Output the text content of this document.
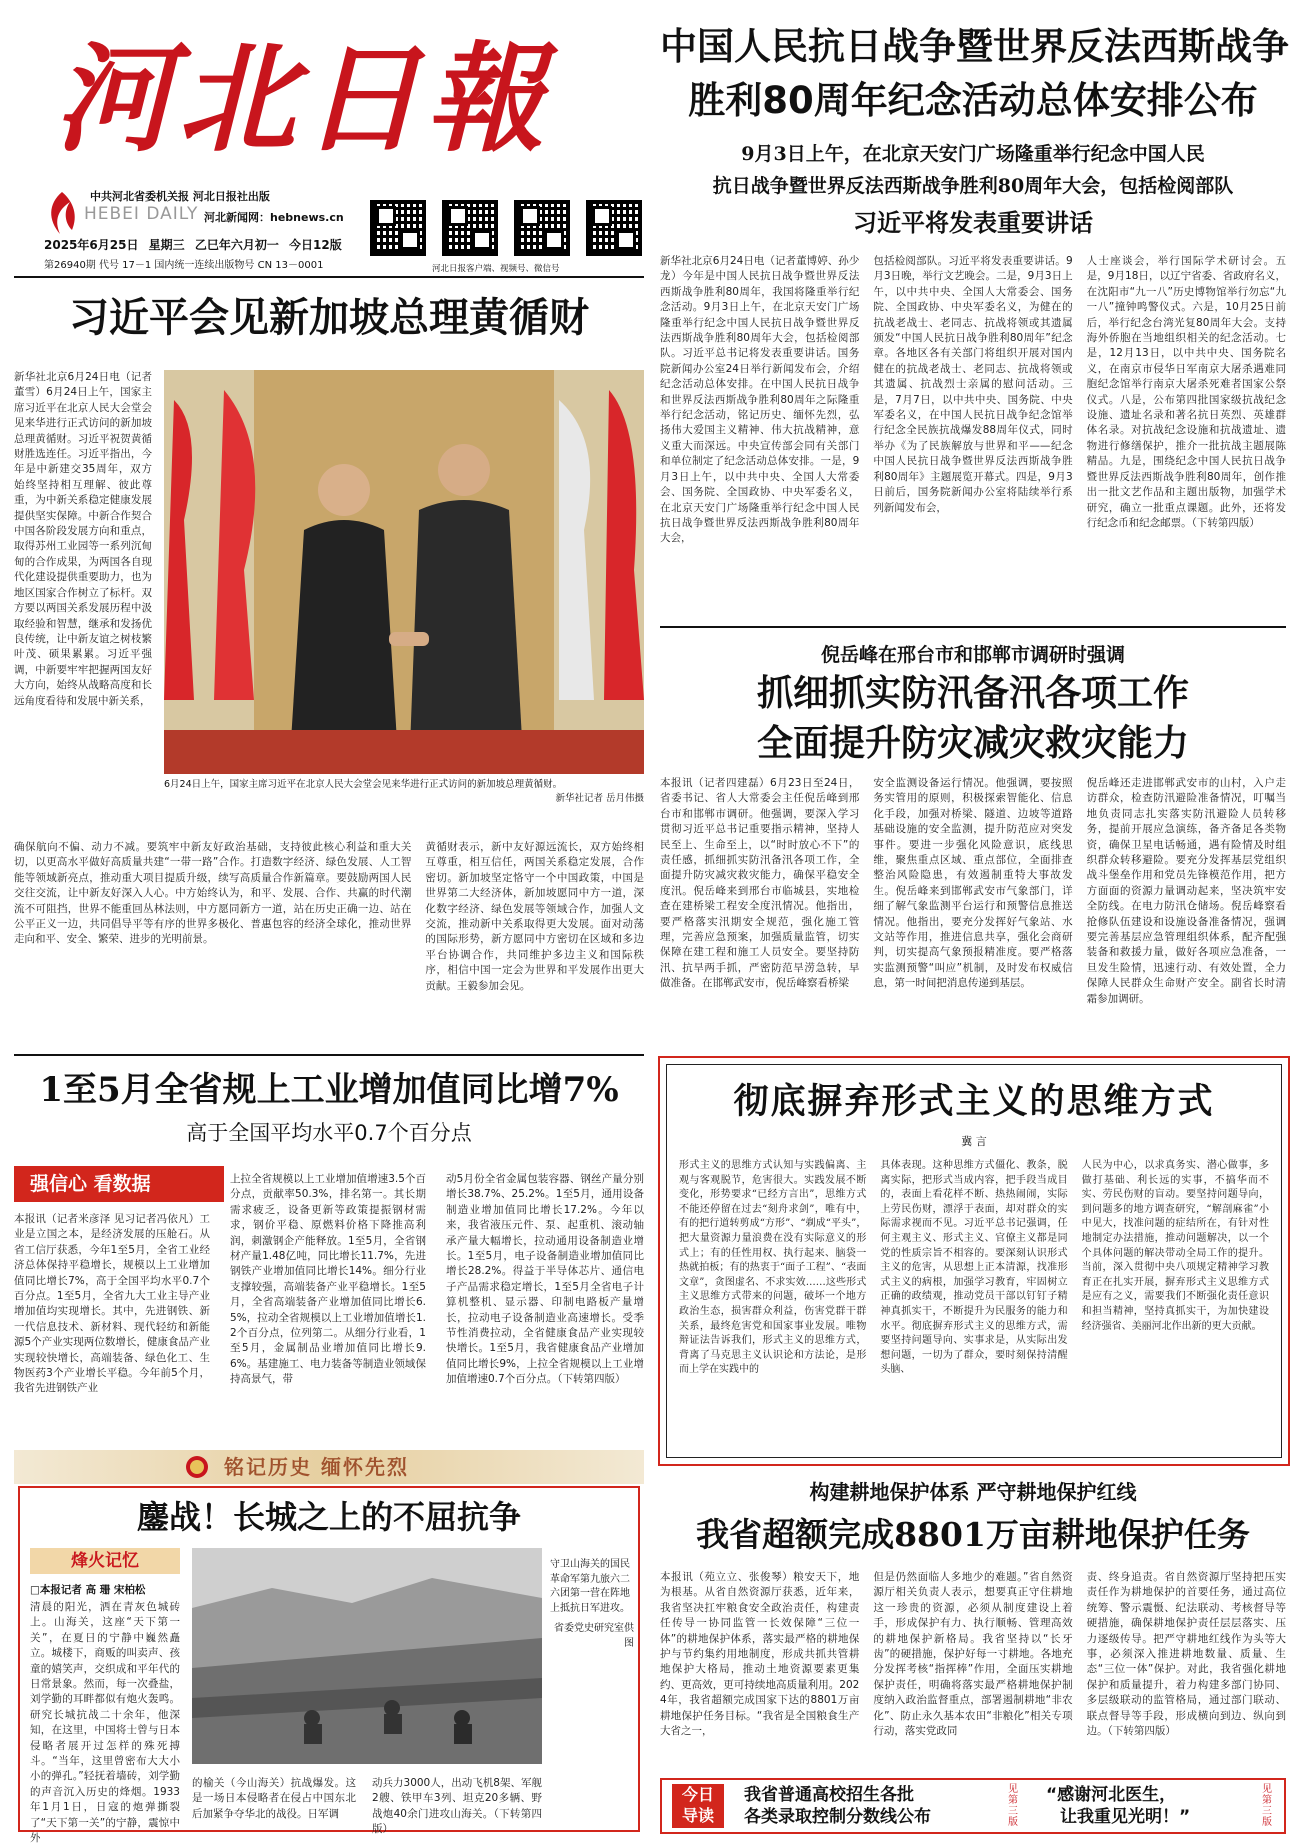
河北日報
中共河北省委机关报 河北日报社出版
HEBEI DAILY 河北新闻网：hebnews.cn
2025年6月25日 星期三 乙巳年六月初一 今日12版
第26940期 代号 17－1 国内统一连续出版物号 CN 13－0001	河北日报客户端、视频号、微信号
中国人民抗日战争暨世界反法西斯战争
胜利80周年纪念活动总体安排公布
9月3日上午，在北京天安门广场隆重举行纪念中国人民
抗日战争暨世界反法西斯战争胜利80周年大会，包括检阅部队
习近平将发表重要讲话
新华社北京6月24日电（记者董博婷、孙少龙）今年是中国人民抗日战争暨世界反法西斯战争胜利80周年，我国将隆重举行纪念活动。9月3日上午，在北京天安门广场隆重举行纪念中国人民抗日战争暨世界反法西斯战争胜利80周年大会，包括检阅部队。习近平总书记将发表重要讲话。国务院新闻办公室24日举行新闻发布会，介绍纪念活动总体安排。在中国人民抗日战争和世界反法西斯战争胜利80周年之际隆重举行纪念活动，铭记历史、缅怀先烈，弘扬伟大爱国主义精神、伟大抗战精神，意义重大而深远。中央宣传部会同有关部门和单位制定了纪念活动总体安排。一是，9月3日上午，以中共中央、全国人大常委会、国务院、全国政协、中央军委名义，在北京天安门广场隆重举行纪念中国人民抗日战争暨世界反法西斯战争胜利80周年大会，
包括检阅部队。习近平将发表重要讲话。9月3日晚，举行文艺晚会。二是，9月3日上午，以中共中央、全国人大常委会、国务院、全国政协、中央军委名义，为健在的抗战老战士、老同志、抗战将领或其遗属颁发“中国人民抗日战争胜利80周年”纪念章。各地区各有关部门将组织开展对国内健在的抗战老战士、老同志、抗战将领或其遗属、抗战烈士亲属的慰问活动。三是，7月7日，以中共中央、国务院、中央军委名义，在中国人民抗日战争纪念馆举行纪念全民族抗战爆发88周年仪式，同时举办《为了民族解放与世界和平——纪念中国人民抗日战争暨世界反法西斯战争胜利80周年》主题展览开幕式。四是，9月3日前后，国务院新闻办公室将陆续举行系列新闻发布会，
人士座谈会，举行国际学术研讨会。五是，9月18日，以辽宁省委、省政府名义，在沈阳市“九一八”历史博物馆举行勿忘“九一八”撞钟鸣警仪式。六是，10月25日前后，举行纪念台湾光复80周年大会。支持海外侨胞在当地组织相关的纪念活动。七是，12月13日，以中共中央、国务院名义，在南京市侵华日军南京大屠杀遇难同胞纪念馆举行南京大屠杀死难者国家公祭仪式。八是，公布第四批国家级抗战纪念设施、遗址名录和著名抗日英烈、英雄群体名录。对抗战纪念设施和抗战遗址、遗物进行修缮保护，推介一批抗战主题展陈精品。九是，围绕纪念中国人民抗日战争暨世界反法西斯战争胜利80周年，创作推出一批文艺作品和主题出版物，加强学术研究，确立一批重点课题。此外，还将发行纪念币和纪念邮票。（下转第四版）
习近平会见新加坡总理黄循财
新华社北京6月24日电（记者董雪）6月24日上午，国家主席习近平在北京人民大会堂会见来华进行正式访问的新加坡总理黄循财。习近平祝贺黄循财胜选连任。习近平指出，今年是中新建交35周年，双方始终坚持相互理解、彼此尊重，为中新关系稳定健康发展提供坚实保障。中新合作契合中国各阶段发展方向和重点，取得苏州工业园等一系列沉甸甸的合作成果，为两国各自现代化建设提供重要助力，也为地区国家合作树立了标杆。双方要以两国关系发展历程中汲取经验和智慧，继承和发扬优良传统，让中新友谊之树枝繁叶茂、硕果累累。习近平强调，中新要牢牢把握两国友好大方向，始终从战略高度和长远角度看待和发展中新关系，
6月24日上午，国家主席习近平在北京人民大会堂会见来华进行正式访问的新加坡总理黄循财。
新华社记者 岳月伟摄
确保航向不偏、动力不减。要筑牢中新友好政治基础，支持彼此核心利益和重大关切，以更高水平做好高质量共建“一带一路”合作。打造数字经济、绿色发展、人工智能等领域新亮点，推动重大项目提质升级，续写高质量合作新篇章。要鼓励两国人民交往交流，让中新友好深入人心。中方始终认为，和平、发展、合作、共赢的时代潮流不可阻挡，世界不能重回丛林法则，中方愿同新方一道，站在历史正确一边、站在公平正义一边，共同倡导平等有序的世界多极化、普惠包容的经济全球化，推动世界走向和平、安全、繁荣、进步的光明前景。
黄循财表示，新中友好源远流长，双方始终相互尊重，相互信任，两国关系稳定发展，合作密切。新加坡坚定恪守一个中国政策，中国是世界第二大经济体，新加坡愿同中方一道，深化数字经济、绿色发展等领域合作，加强人文交流，推动新中关系取得更大发展。面对动荡的国际形势，新方愿同中方密切在区域和多边平台协调合作，共同维护多边主义和国际秩序，相信中国一定会为世界和平发展作出更大贡献。王毅参加会见。
倪岳峰在邢台市和邯郸市调研时强调
抓细抓实防汛备汛各项工作
全面提升防灾减灾救灾能力
本报讯（记者四建磊）6月23日至24日，省委书记、省人大常委会主任倪岳峰到邢台市和邯郸市调研。他强调，要深入学习贯彻习近平总书记重要指示精神，坚持人民至上、生命至上，以“时时放心不下”的责任感，抓细抓实防汛备汛各项工作，全面提升防灾减灾救灾能力，确保平稳安全度汛。倪岳峰来到邢台市临城县，实地检查在建桥梁工程安全度汛情况。他指出，要严格落实汛期安全规范，强化施工管理，完善应急预案，加强质量监管，切实保障在建工程和施工人员安全。要坚持防汛、抗旱两手抓，严密防范旱涝急转，早做准备。在邯郸武安市，倪岳峰察看桥梁
安全监测设备运行情况。他强调，要按照务实管用的原则，积极探索智能化、信息化手段，加强对桥梁、隧道、边坡等道路基础设施的安全监测，提升防范应对突发事件。要进一步强化风险意识，底线思维，聚焦重点区域、重点部位，全面排查整治风险隐患，有效遏制重特大事故发生。倪岳峰来到邯郸武安市气象部门，详细了解气象监测平台运行和预警信息推送情况。他指出，要充分发挥好气象站、水文站等作用，推进信息共享，强化会商研判，切实提高气象预报精准度。要严格落实监测预警“叫应”机制，及时发布权威信息，第一时间把消息传递到基层。
倪岳峰还走进邯郸武安市的山村，入户走访群众，检查防汛避险准备情况，叮嘱当地负责同志扎实落实防汛避险人员转移务，提前开展应急演练，备齐备足各类物资，确保卫星电话畅通，遇有险情及时组织群众转移避险。要充分发挥基层党组织战斗堡垒作用和党员先锋模范作用，把方方面面的资源力量调动起来，坚决筑牢安全防线。在电力防汛仓储场。倪岳峰察看抢修队伍建设和设施设备准备情况，强调要完善基层应急管理组织体系，配齐配强装备和救援力量，做好各项应急准备，一旦发生险情，迅速行动、有效处置，全力保障人民群众生命财产安全。副省长时清霜参加调研。
彻底摒弃形式主义的思维方式
冀 言
形式主义的思维方式认知与实践偏离、主观与客观脱节，危害很大。实践发展不断变化，形势要求“已经方言出”，思维方式不能还停留在过去“刻舟求剑”，唯有中，有的把行道转剪成“方形”、“剃成“平头”，把大量资源力量浪费在没有实际意义的形式上；有的任性用权、执行起来、脑袋一热就拍板；有的热衷于“面子工程”、“表面文章”，贪图虚名、不求实效……这些形式主义思维方式带来的问题，破坏一个地方政治生态，损害群众利益，伤害党群干群关系，最终危害党和国家事业发展。唯物辩证法告诉我们，形式主义的思维方式，背离了马克思主义认识论和方法论，是形而上学在实践中的
具体表现。这种思维方式僵化、教条，脱离实际，把形式当成内容，把手段当成目的，表面上看花样不断、热热闹闹，实际上劳民伤财，漂浮于表面，却对群众的实际需求视而不见。习近平总书记强调，任何主观主义、形式主义、官僚主义都是同党的性质宗旨不相容的。要深刻认识形式主义的危害，从思想上正本清源，找准形式主义的病根，加强学习教育，牢固树立正确的政绩观，推动党员干部以钉钉子精神真抓实干，不断提升为民服务的能力和水平。彻底摒弃形式主义的思维方式，需要坚持问题导向、实事求是，从实际出发想问题，一切为了群众，要时刻保持清醒头脑、
人民为中心，以求真务实、潜心做事，多做打基础、利长远的实事，不搞华而不实、劳民伤财的盲动。要坚持问题导向，到问题多的地方调查研究，“解剖麻雀”小中见大，找准问题的症结所在，有针对性地制定办法措施，推动问题解决，以一个个具体问题的解决带动全局工作的提升。当前，深入贯彻中央八项规定精神学习教育正在扎实开展，摒弃形式主义思维方式是应有之义，需要我们不断强化责任意识和担当精神，坚持真抓实干，为加快建设经济强省、美丽河北作出新的更大贡献。
1至5月全省规上工业增加值同比增7%
高于全国平均水平0.7个百分点
强信心 看数据
本报讯（记者米彦泽 见习记者冯依凡）工业是立国之本，是经济发展的压舱石。从省工信厅获悉，今年1至5月，全省工业经济总体保持平稳增长，规模以上工业增加值同比增长7%，高于全国平均水平0.7个百分点。1至5月，全省九大工业主导产业增加值均实现增长。其中，先进钢铁、新一代信息技术、新材料、现代轻纺和新能源5个产业实现两位数增长，健康食品产业实现较快增长，高端装备、绿色化工、生物医药3个产业增长平稳。今年前5个月，我省先进钢铁产业
上拉全省规模以上工业增加值增速3.5个百分点，贡献率50.3%，排名第一。其长期需求疲乏，设备更新等政策提振钢材需求，钢价平稳、原燃料价格下降推高利润，刺激钢企产能释放。1至5月，全省钢材产量1.48亿吨，同比增长11.7%，先进钢铁产业增加值同比增长14%。细分行业支撑较强，高端装备产业平稳增长。1至5月，全省高端装备产业增加值同比增长6.5%，拉动全省规模以上工业增加值增长1.2个百分点，位列第二。从细分行业看，1至5月，金属制品业增加值同比增长9.6%。基建施工、电力装备等制造业领域保持高景气，带
动5月份全省金属包装容器、钢丝产量分别增长38.7%、25.2%。1至5月，通用设备制造业增加值同比增长17.2%。今年以来，我省液压元件、泵、起重机、滚动轴承产量大幅增长，拉动通用设备制造业增长。1至5月，电子设备制造业增加值同比增长28.2%。得益于半导体芯片、通信电子产品需求稳定增长，1至5月全省电子计算机整机、显示器、印制电路板产量增长，拉动电子设备制造业高速增长。受季节性消费拉动，全省健康食品产业实现较快增长。1至5月，我省健康食品产业增加值同比增长9%，上拉全省规模以上工业增加值增速0.7个百分点。（下转第四版）
铭记历史 缅怀先烈
鏖战！长城之上的不屈抗争
烽火记忆
□本报记者 高 珊 宋柏松
清晨的阳光，洒在青灰色城砖上。山海关，这座“天下第一关”，在夏日的宁静中巍然矗立。城楼下，商贩的叫卖声、孩童的嬉笑声，交织成和平年代的日常景象。然而，每一次叠盐，刘学勤的耳畔都似有炮火轰鸣。研究长城抗战二十余年，他深知，在这里，中国将士曾与日本侵略者展开过怎样的殊死搏斗。“当年，这里曾密布大大小小的弹孔。”轻抚着墙砖，刘学勤的声音沉入历史的烽烟。1933年1月1日，日寇的炮弹撕裂了“天下第一关”的宁静，震惊中外
守卫山海关的国民革命军第九旅六二六团第一营在阵地上抵抗日军进攻。
省委党史研究室供图
的榆关（今山海关）抗战爆发。这是一场日本侵略者在侵占中国东北后加紧争夺华北的战役。日军调
动兵力3000人，出动飞机8架、军舰2艘、铁甲车3列、坦克20多辆、野战炮40余门进攻山海关。（下转第四版）
构建耕地保护体系 严守耕地保护红线
我省超额完成8801万亩耕地保护任务
本报讯（苑立立、张俊琴）粮安天下，地为根基。从省自然资源厅获悉，近年来，我省坚决扛牢粮食安全政治责任，构建责任传导一协同监管一长效保障“三位一体”的耕地保护体系，落实最严格的耕地保护与节约集约用地制度，形成共抓共管耕地保护大格局，推动土地资源要素更集约、更高效，更可持续地高质量利用。2024年，我省超额完成国家下达的8801万亩耕地保护任务目标。“我省是全国粮食生产大省之一，
但是仍然面临人多地少的难题。”省自然资源厅相关负责人表示，想要真正守住耕地这一珍贵的资源，必须从制度建设上着手，形成保护有力、执行顺畅、管理高效的耕地保护新格局。我省坚持以“长牙齿”的硬措施，保护好每一寸耕地。各地充分发挥考核“指挥棒”作用，全面压实耕地保护责任，明确将落实最严格耕地保护制度纳入政治监督重点，部署遏制耕地“非农化”、防止永久基本农田“非粮化”相关专项行动，落实党政同
责、终身追责。省自然资源厅坚持把压实责任作为耕地保护的首要任务，通过高位统筹、警示震慑、纪法联动、考核督导等硬措施，确保耕地保护责任层层落实、压力逐级传导。把严守耕地红线作为头等大事，必须深入推进耕地数量、质量、生态“三位一体”保护。对此，我省强化耕地保护和质量提升，着力构建多部门协同、多层级联动的监管格局，通过部门联动、联点督导等手段，形成横向到边、纵向到边。（下转第四版）
今日
导读
我省普通高校招生各批
各类录取控制分数线公布
见第三版
“感谢河北医生，
让我重见光明！”
见第三版
